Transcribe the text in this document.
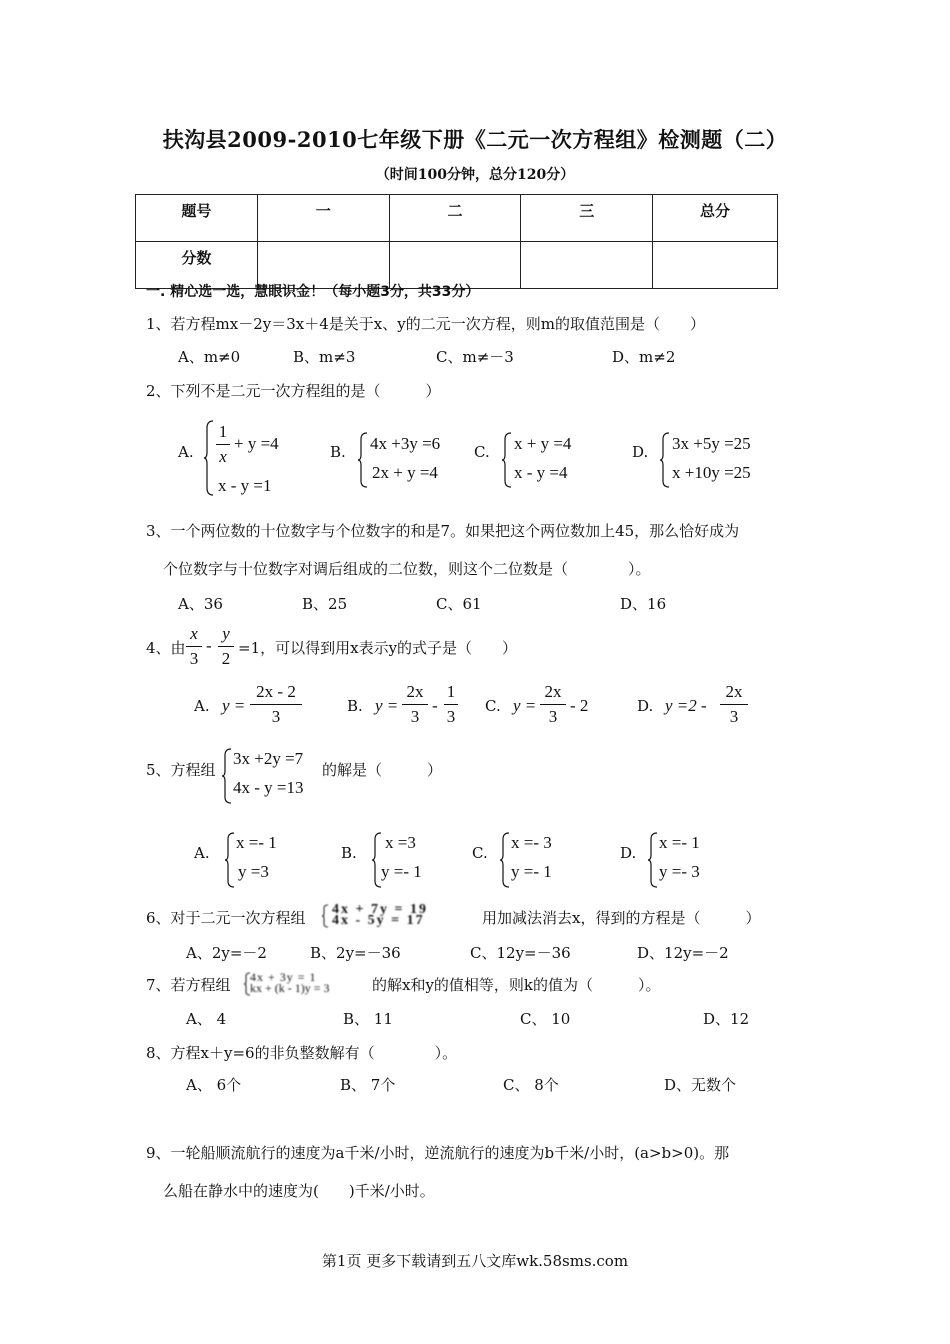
扶沟县2009-2010七年级下册《二元一次方程组》检测题（二）
（时间100分钟，总分120分）
题号	一	二	三	总分
分数				
一. 精心选一选，慧眼识金！（每小题3分，共33分）
1、若方程mx－2y＝3x＋4是关于x、y的二元一次方程，则m的取值范围是（　　）
A、m≠0	B、m≠3	C、m≠－3	D、m≠2
2、下列不是二元一次方程组的是（　　　）
A.
1
x
+ y =4
x - y =1
B. 4x +3y =6
2x + y =4
C. x + y =4
x - y =4
D. 3x +5y =25
x +10y =25
3、一个两位数的十位数字与个位数字的和是7。如果把这个两位数加上45，那么恰好成为
个位数字与十位数字对调后组成的二位数，则这个二位数是（　　　　）。
A、36	B、25	C、61	D、16
4、由
x
3
-
y
2
=1，可以得到用x表示y的式子是（　　）
A. y =
2x - 2
3
B. y =
2x
3
-
1
3
C. y =
2x
3
- 2	D. y =2 -
2x
3
5、方程组
3x +2y =7
4x - y =13
的解是（　　　）
A.
x =- 1
y =3
B.
x =3
y =- 1
C.
x =- 3
y =- 1
D.
x =- 1
y =- 3
6、对于二元一次方程组 4x + 7y = 19
4x - 5y = 17	用加减法消去x，得到的方程是（　　　）
A、2y=－2	B、2y=－36	C、12y=－36	D、12y=－2
7、若方程组 4x + 3y = 1
kx + (k - 1)y = 3	的解x和y的值相等，则k的值为（　　　）。
A、 4	B、 11	C、 10	D、12
8、方程x＋y=6的非负整数解有（　　　　）。
A、 6个	B、 7个	C、 8个	D、无数个
9、一轮船顺流航行的速度为a千米/小时，逆流航行的速度为b千米/小时，(a>b>0)。那
么船在静水中的速度为(　　)千米/小时。
第1页 更多下载请到五八文库wk.58sms.com
